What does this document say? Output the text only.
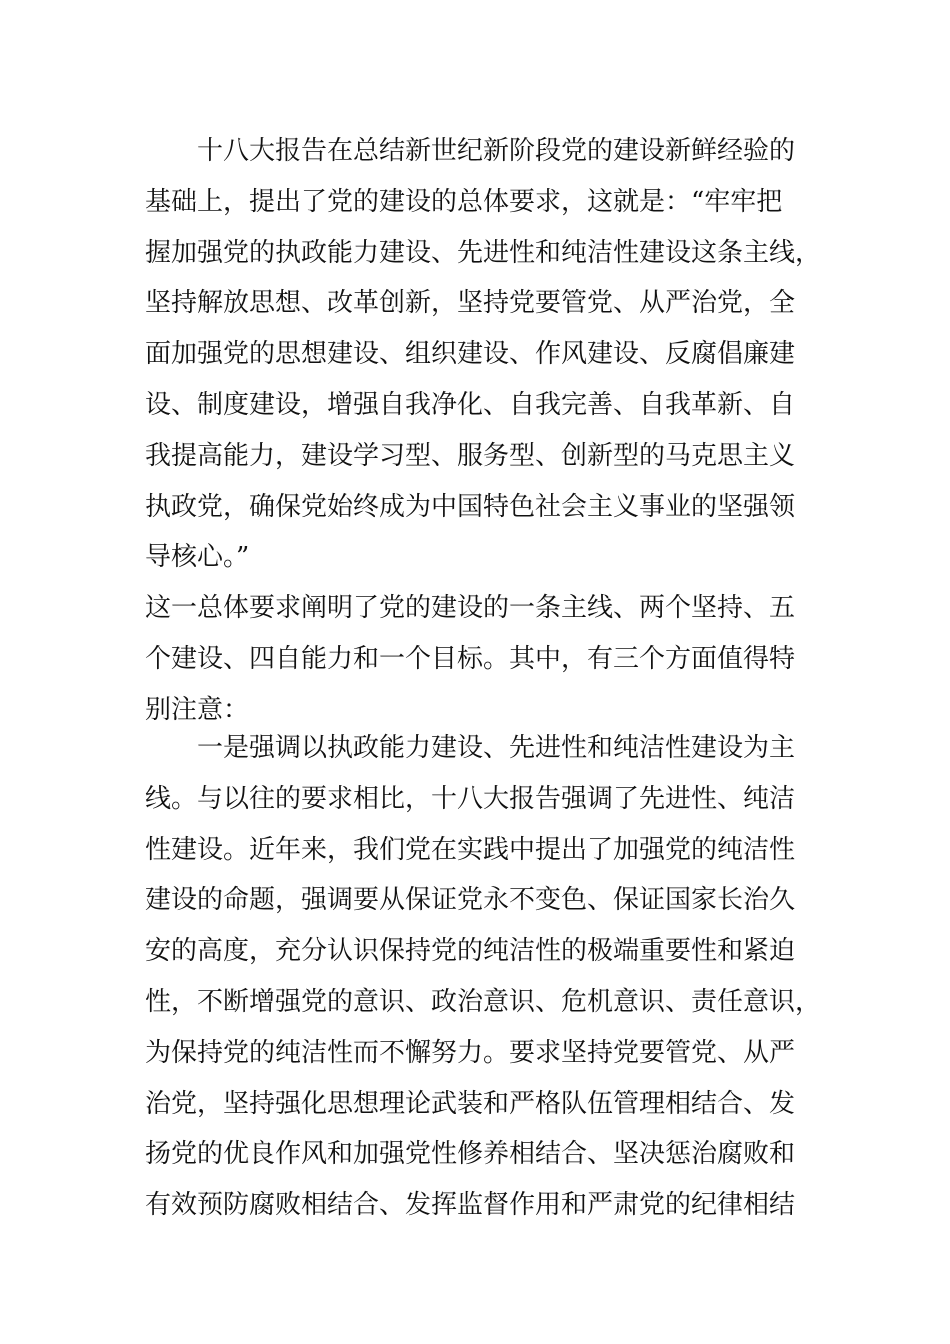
十八大报告在总结新世纪新阶段党的建设新鲜经验的
基础上，提出了党的建设的总体要求，这就是：“牢牢把
握加强党的执政能力建设、先进性和纯洁性建设这条主线，
坚持解放思想、改革创新，坚持党要管党、从严治党，全
面加强党的思想建设、组织建设、作风建设、反腐倡廉建
设、制度建设，增强自我净化、自我完善、自我革新、自
我提高能力，建设学习型、服务型、创新型的马克思主义
执政党，确保党始终成为中国特色社会主义事业的坚强领
导核心。”
这一总体要求阐明了党的建设的一条主线、两个坚持、五
个建设、四自能力和一个目标。其中，有三个方面值得特
别注意：
一是强调以执政能力建设、先进性和纯洁性建设为主
线。与以往的要求相比，十八大报告强调了先进性、纯洁
性建设。近年来，我们党在实践中提出了加强党的纯洁性
建设的命题，强调要从保证党永不变色、保证国家长治久
安的高度，充分认识保持党的纯洁性的极端重要性和紧迫
性，不断增强党的意识、政治意识、危机意识、责任意识，
为保持党的纯洁性而不懈努力。要求坚持党要管党、从严
治党，坚持强化思想理论武装和严格队伍管理相结合、发
扬党的优良作风和加强党性修养相结合、坚决惩治腐败和
有效预防腐败相结合、发挥监督作用和严肃党的纪律相结
